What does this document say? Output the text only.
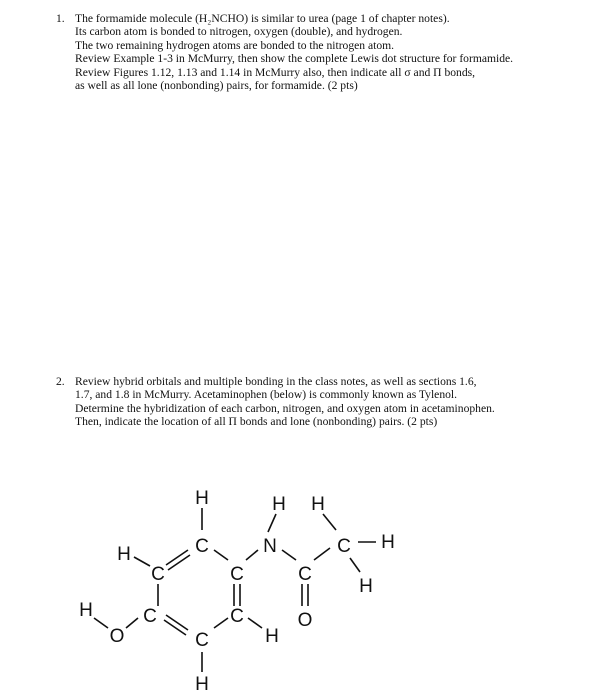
1. The formamide molecule (H₂NCHO) is similar to urea (page 1 of chapter notes).
Its carbon atom is bonded to nitrogen, oxygen (double), and hydrogen.
The two remaining hydrogen atoms are bonded to the nitrogen atom.
Review Example 1-3 in McMurry, then show the complete Lewis dot structure for formamide.
Review Figures 1.12, 1.13 and 1.14 in McMurry also, then indicate all σ and Π bonds,
as well as all lone (nonbonding) pairs, for formamide. (2 pts)
2. Review hybrid orbitals and multiple bonding in the class notes, as well as sections 1.6,
1.7, and 1.8 in McMurry. Acetaminophen (below) is commonly known as Tylenol.
Determine the hybridization of each carbon, nitrogen, and oxygen atom in acetaminophen.
Then, indicate the location of all Π bonds and lone (nonbonding) pairs. (2 pts)
H
C
H
C	C
N
H
C
O
C
H
H
H
H
O
C	C
H
C
H
